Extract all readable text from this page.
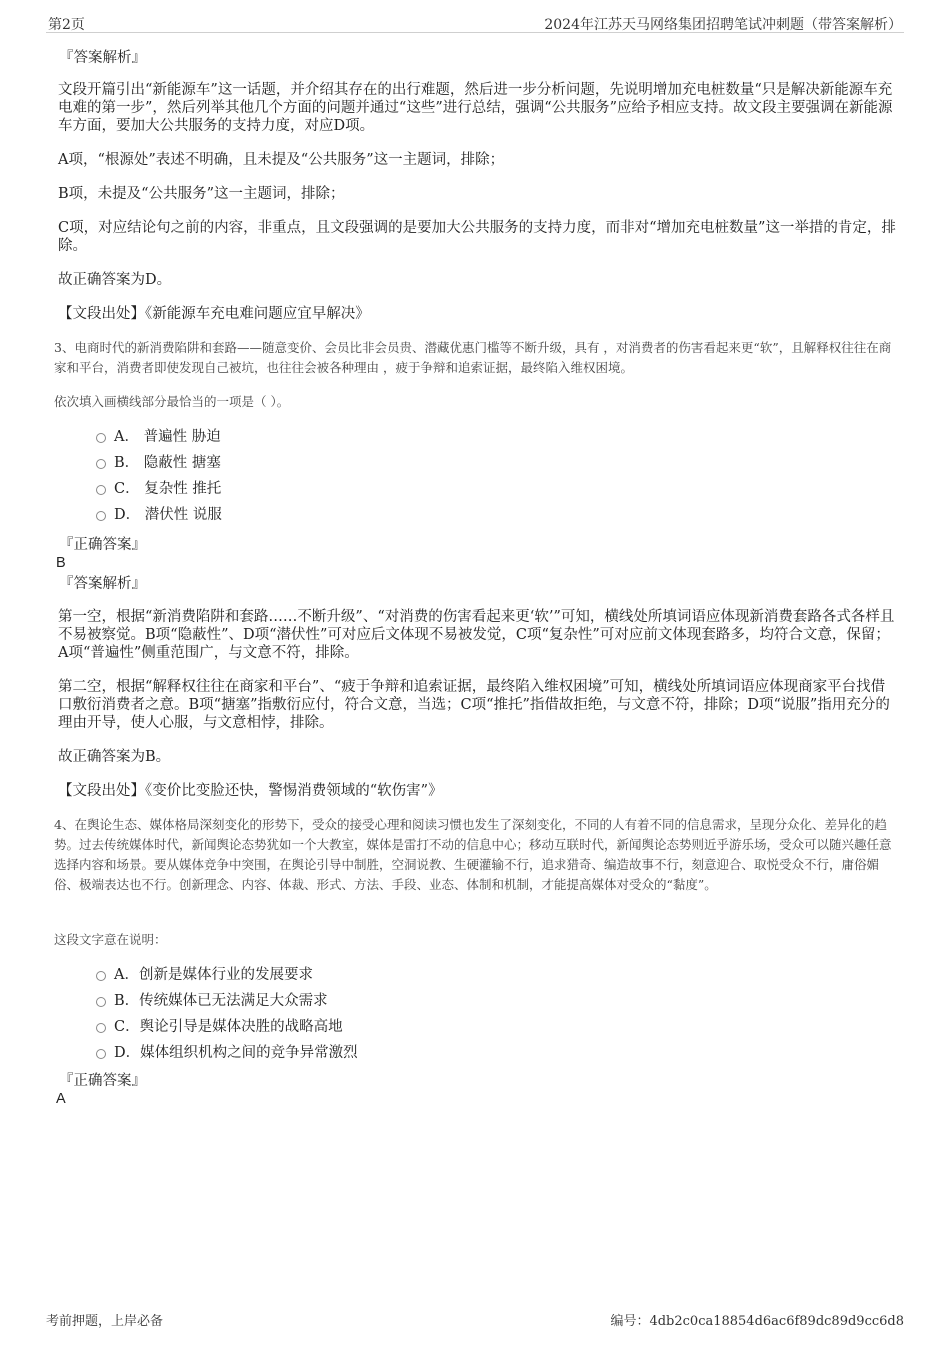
第2页	2024年江苏天马网络集团招聘笔试冲刺题（带答案解析）
『答案解析』
文段开篇引出“新能源车”这一话题，并介绍其存在的出行难题，然后进一步分析问题，先说明增加充电桩数量“只是解决新能源车充电难的第一步”，然后列举其他几个方面的问题并通过“这些”进行总结，强调“公共服务”应给予相应支持。故文段主要强调在新能源车方面，要加大公共服务的支持力度，对应D项。
A项，“根源处”表述不明确，且未提及“公共服务”这一主题词，排除；
B项，未提及“公共服务”这一主题词，排除；
C项，对应结论句之前的内容，非重点，且文段强调的是要加大公共服务的支持力度，而非对“增加充电桩数量”这一举措的肯定，排除。
故正确答案为D。
【文段出处】《新能源车充电难问题应宜早解决》
3、电商时代的新消费陷阱和套路——随意变价、会员比非会员贵、潜藏优惠门槛等不断升级，具有 ，对消费者的伤害看起来更“软”，且解释权往往在商家和平台，消费者即使发现自己被坑，也往往会被各种理由 ，疲于争辩和追索证据，最终陷入维权困境。
依次填入画横线部分最恰当的一项是（ ）。
A． 普遍性 胁迫
B． 隐蔽性 搪塞
C． 复杂性 推托
D． 潜伏性 说服
『正确答案』
B
『答案解析』
第一空，根据“新消费陷阱和套路……不断升级”、“对消费的伤害看起来更‘软’”可知，横线处所填词语应体现新消费套路各式各样且不易被察觉。B项“隐蔽性”、D项“潜伏性”可对应后文体现不易被发觉，C项“复杂性”可对应前文体现套路多，均符合文意，保留；A项“普遍性”侧重范围广，与文意不符，排除。
第二空，根据“解释权往往在商家和平台”、“疲于争辩和追索证据，最终陷入维权困境”可知，横线处所填词语应体现商家平台找借口敷衍消费者之意。B项“搪塞”指敷衍应付，符合文意，当选；C项“推托”指借故拒绝，与文意不符，排除；D项“说服”指用充分的理由开导，使人心服，与文意相悖，排除。
故正确答案为B。
【文段出处】《变价比变脸还快，警惕消费领域的“软伤害”》
4、在舆论生态、媒体格局深刻变化的形势下，受众的接受心理和阅读习惯也发生了深刻变化，不同的人有着不同的信息需求，呈现分众化、差异化的趋势。过去传统媒体时代，新闻舆论态势犹如一个大教室，媒体是雷打不动的信息中心；移动互联时代，新闻舆论态势则近乎游乐场，受众可以随兴趣任意选择内容和场景。要从媒体竞争中突围，在舆论引导中制胜，空洞说教、生硬灌输不行，追求猎奇、编造故事不行，刻意迎合、取悦受众不行，庸俗媚俗、极端表达也不行。创新理念、内容、体裁、形式、方法、手段、业态、体制和机制，才能提高媒体对受众的“黏度”。
这段文字意在说明：
A．创新是媒体行业的发展要求
B．传统媒体已无法满足大众需求
C．舆论引导是媒体决胜的战略高地
D．媒体组织机构之间的竞争异常激烈
『正确答案』
A
考前押题，上岸必备	编号：4db2c0ca18854d6ac6f89dc89d9cc6d8
